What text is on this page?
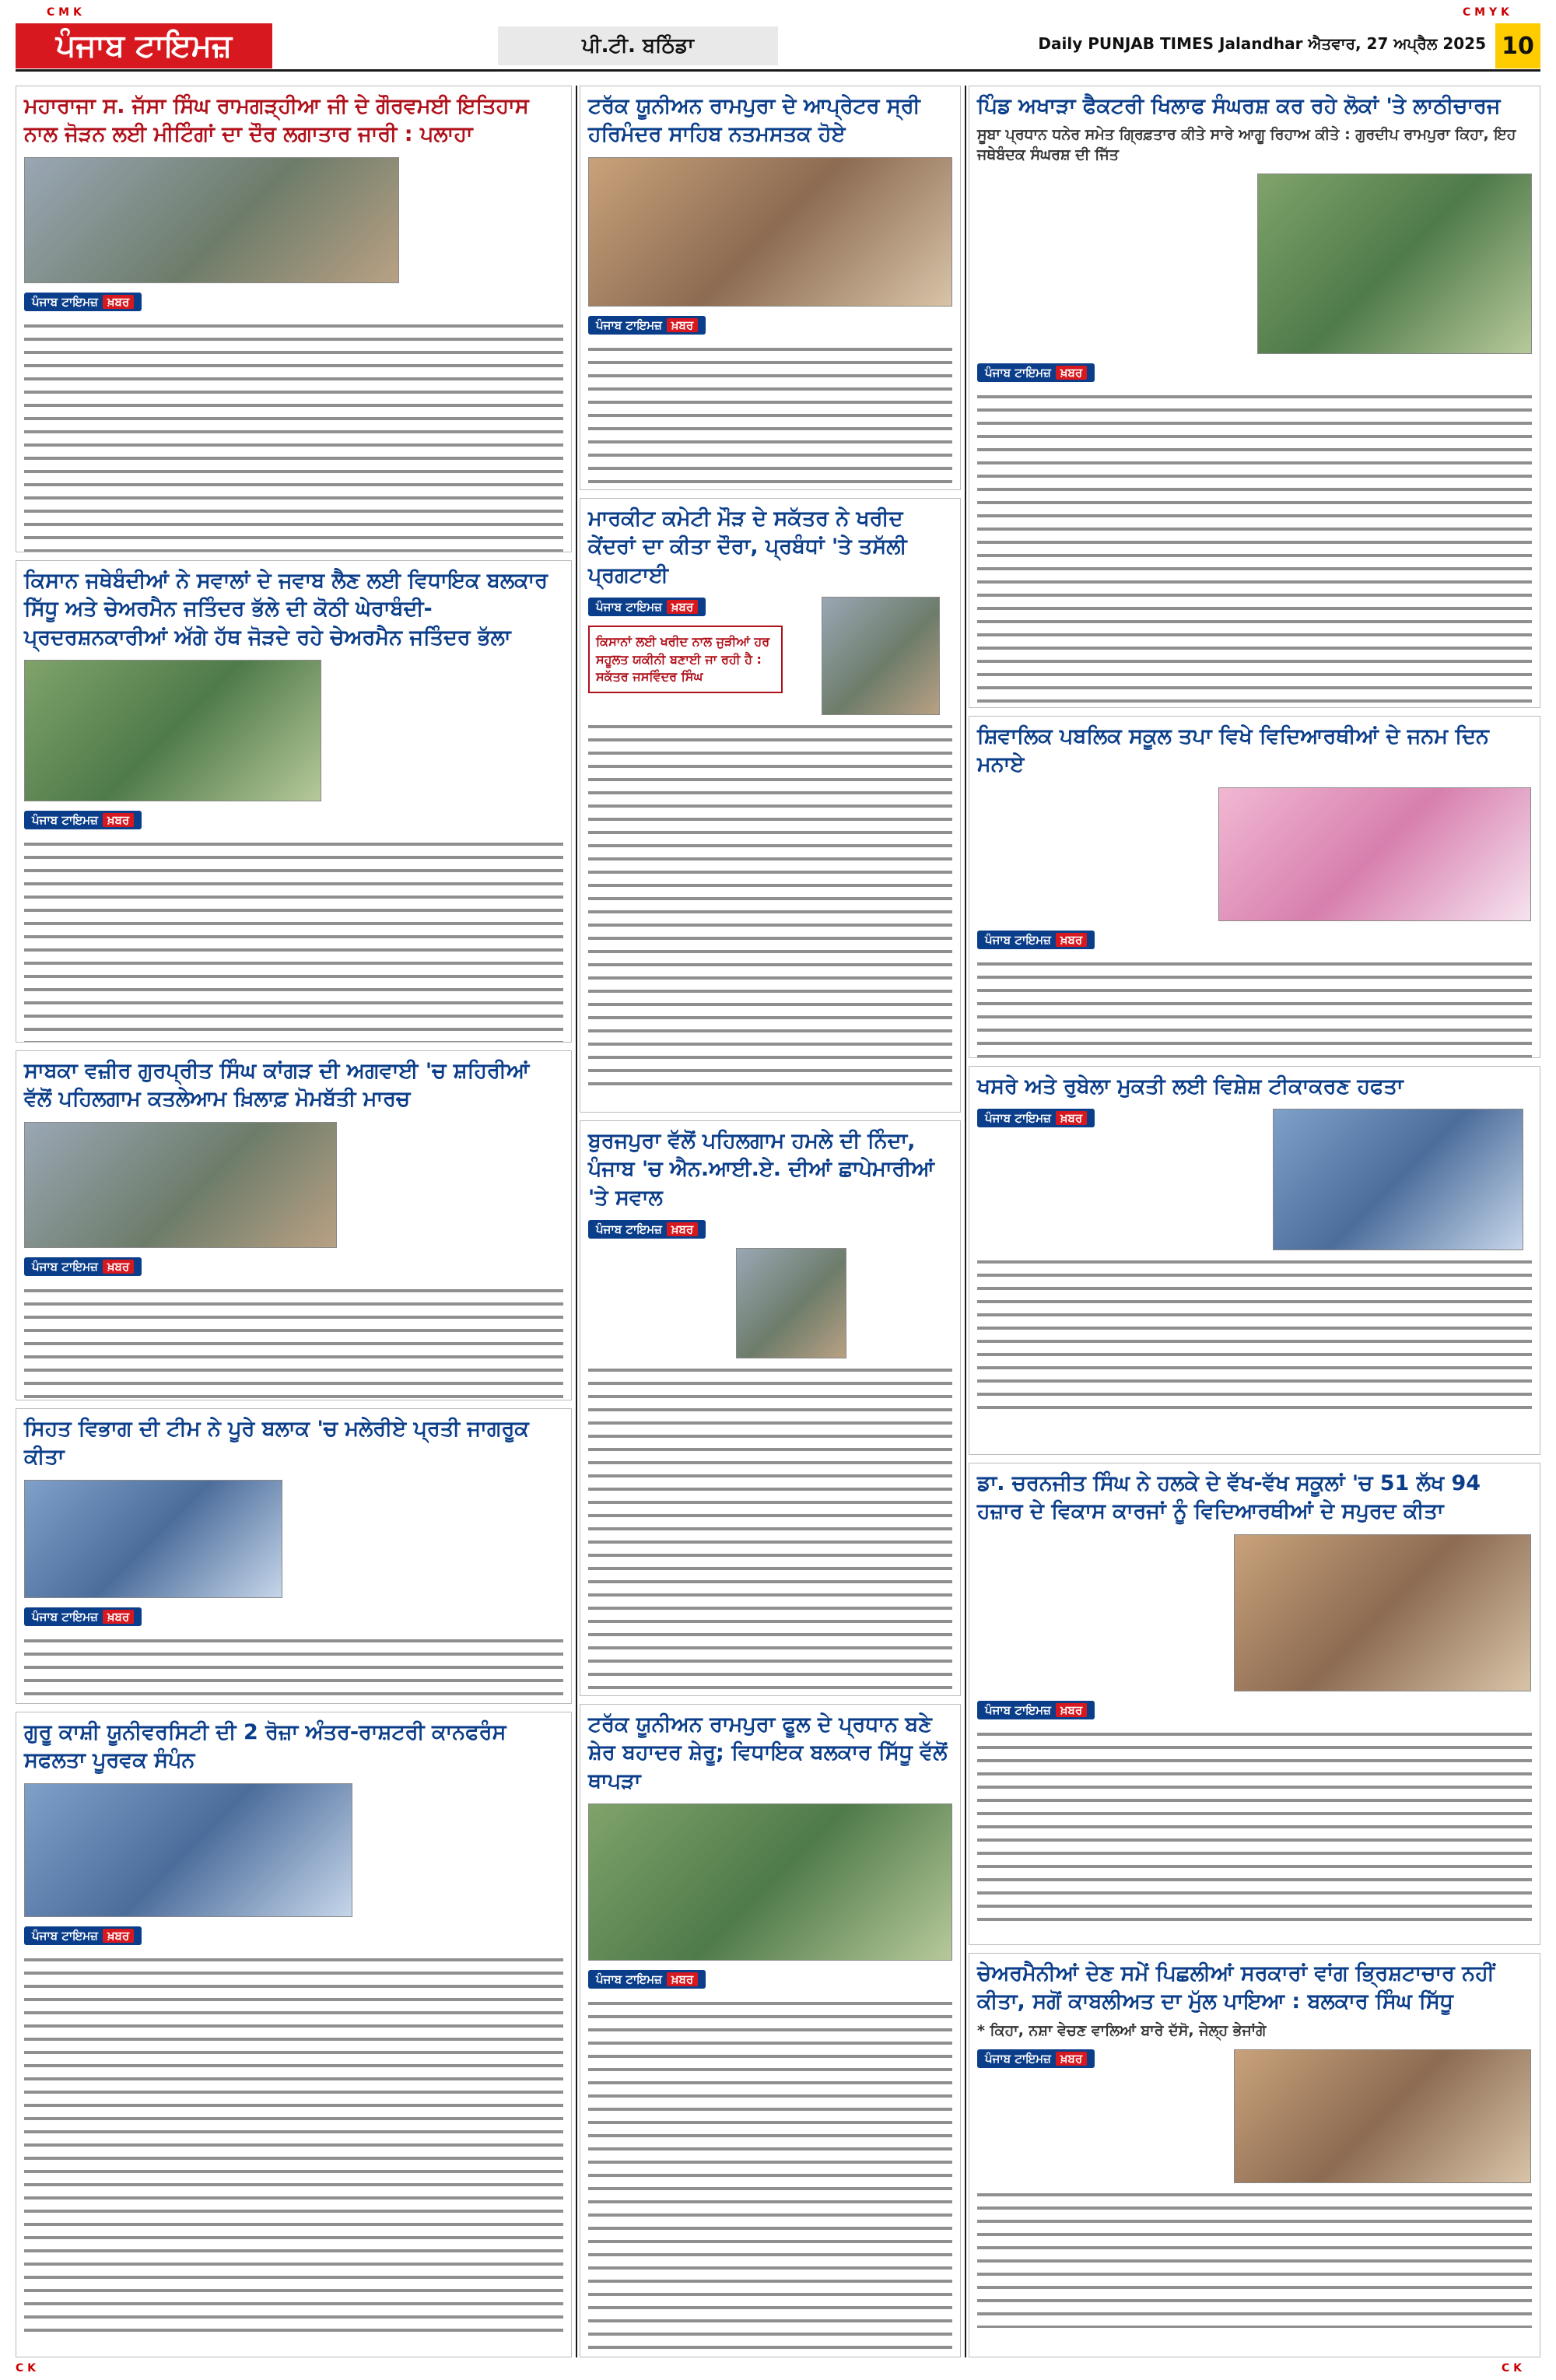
C M K	C M Y K
C K	C K
ਪੰਜਾਬ ਟਾਇਮਜ਼	ਪੀ.ਟੀ. ਬਠਿੰਡਾ	Daily PUNJAB TIMES Jalandhar ਐਤਵਾਰ, 27 ਅਪ੍ਰੈਲ 2025 10
ਮਹਾਰਾਜਾ ਸ. ਜੱਸਾ ਸਿੰਘ ਰਾਮਗੜ੍ਹੀਆ ਜੀ ਦੇ ਗੌਰਵਮਈ ਇਤਿਹਾਸ ਨਾਲ ਜੋੜਨ ਲਈ ਮੀਟਿੰਗਾਂ ਦਾ ਦੌਰ ਲਗਾਤਾਰ ਜਾਰੀ : ਪਲਾਹਾ
ਪੰਜਾਬ ਟਾਇਮਜ਼ ਖ਼ਬਰ
ਟਰੱਕ ਯੂਨੀਅਨ ਰਾਮਪੁਰਾ ਦੇ ਆਪ੍ਰੇਟਰ ਸ੍ਰੀ ਹਰਿਮੰਦਰ ਸਾਹਿਬ ਨਤਮਸਤਕ ਹੋਏ
ਪੰਜਾਬ ਟਾਇਮਜ਼ ਖ਼ਬਰ
ਪਿੰਡ ਅਖਾੜਾ ਫੈਕਟਰੀ ਖਿਲਾਫ ਸੰਘਰਸ਼ ਕਰ ਰਹੇ ਲੋਕਾਂ 'ਤੇ ਲਾਠੀਚਾਰਜ
ਸੂਬਾ ਪ੍ਰਧਾਨ ਧਨੇਰ ਸਮੇਤ ਗ੍ਰਿਫ਼ਤਾਰ ਕੀਤੇ ਸਾਰੇ ਆਗੂ ਰਿਹਾਅ ਕੀਤੇ : ਗੁਰਦੀਪ ਰਾਮਪੁਰਾ ਕਿਹਾ, ਇਹ ਜਥੇਬੰਦਕ ਸੰਘਰਸ਼ ਦੀ ਜਿੱਤ
ਪੰਜਾਬ ਟਾਇਮਜ਼ ਖ਼ਬਰ
ਕਿਸਾਨ ਜਥੇਬੰਦੀਆਂ ਨੇ ਸਵਾਲਾਂ ਦੇ ਜਵਾਬ ਲੈਣ ਲਈ ਵਿਧਾਇਕ ਬਲਕਾਰ ਸਿੱਧੂ ਅਤੇ ਚੇਅਰਮੈਨ ਜਤਿੰਦਰ ਭੱਲੇ ਦੀ ਕੋਠੀ ਘੇਰਾਬੰਦੀ-ਪ੍ਰਦਰਸ਼ਨਕਾਰੀਆਂ ਅੱਗੇ ਹੱਥ ਜੋੜਦੇ ਰਹੇ ਚੇਅਰਮੈਨ ਜਤਿੰਦਰ ਭੱਲਾ
ਪੰਜਾਬ ਟਾਇਮਜ਼ ਖ਼ਬਰ
ਮਾਰਕੀਟ ਕਮੇਟੀ ਮੌੜ ਦੇ ਸਕੱਤਰ ਨੇ ਖਰੀਦ ਕੇਂਦਰਾਂ ਦਾ ਕੀਤਾ ਦੌਰਾ, ਪ੍ਰਬੰਧਾਂ 'ਤੇ ਤਸੱਲੀ ਪ੍ਰਗਟਾਈ
ਪੰਜਾਬ ਟਾਇਮਜ਼ ਖ਼ਬਰ
ਕਿਸਾਨਾਂ ਲਈ ਖਰੀਦ ਨਾਲ ਜੁੜੀਆਂ ਹਰ ਸਹੂਲਤ ਯਕੀਨੀ ਬਣਾਈ ਜਾ ਰਹੀ ਹੈ : ਸਕੱਤਰ ਜਸਵਿੰਦਰ ਸਿੰਘ
ਸ਼ਿਵਾਲਿਕ ਪਬਲਿਕ ਸਕੂਲ ਤਪਾ ਵਿਖੇ ਵਿਦਿਆਰਥੀਆਂ ਦੇ ਜਨਮ ਦਿਨ ਮਨਾਏ
ਪੰਜਾਬ ਟਾਇਮਜ਼ ਖ਼ਬਰ
ਸਾਬਕਾ ਵਜ਼ੀਰ ਗੁਰਪ੍ਰੀਤ ਸਿੰਘ ਕਾਂਗੜ ਦੀ ਅਗਵਾਈ 'ਚ ਸ਼ਹਿਰੀਆਂ ਵੱਲੋਂ ਪਹਿਲਗਾਮ ਕਤਲੇਆਮ ਖ਼ਿਲਾਫ਼ ਮੋਮਬੱਤੀ ਮਾਰਚ
ਪੰਜਾਬ ਟਾਇਮਜ਼ ਖ਼ਬਰ
ਖਸਰੇ ਅਤੇ ਰੁਬੇਲਾ ਮੁਕਤੀ ਲਈ ਵਿਸ਼ੇਸ਼ ਟੀਕਾਕਰਣ ਹਫਤਾ
ਪੰਜਾਬ ਟਾਇਮਜ਼ ਖ਼ਬਰ
ਬੁਰਜਪੁਰਾ ਵੱਲੋਂ ਪਹਿਲਗਾਮ ਹਮਲੇ ਦੀ ਨਿੰਦਾ, ਪੰਜਾਬ 'ਚ ਐਨ.ਆਈ.ਏ. ਦੀਆਂ ਛਾਪੇਮਾਰੀਆਂ 'ਤੇ ਸਵਾਲ
ਪੰਜਾਬ ਟਾਇਮਜ਼ ਖ਼ਬਰ
ਸਿਹਤ ਵਿਭਾਗ ਦੀ ਟੀਮ ਨੇ ਪੂਰੇ ਬਲਾਕ 'ਚ ਮਲੇਰੀਏ ਪ੍ਰਤੀ ਜਾਗਰੂਕ ਕੀਤਾ
ਪੰਜਾਬ ਟਾਇਮਜ਼ ਖ਼ਬਰ
ਡਾ. ਚਰਨਜੀਤ ਸਿੰਘ ਨੇ ਹਲਕੇ ਦੇ ਵੱਖ-ਵੱਖ ਸਕੂਲਾਂ 'ਚ 51 ਲੱਖ 94 ਹਜ਼ਾਰ ਦੇ ਵਿਕਾਸ ਕਾਰਜਾਂ ਨੂੰ ਵਿਦਿਆਰਥੀਆਂ ਦੇ ਸਪੁਰਦ ਕੀਤਾ
ਪੰਜਾਬ ਟਾਇਮਜ਼ ਖ਼ਬਰ
ਗੁਰੂ ਕਾਸ਼ੀ ਯੂਨੀਵਰਸਿਟੀ ਦੀ 2 ਰੋਜ਼ਾ ਅੰਤਰ-ਰਾਸ਼ਟਰੀ ਕਾਨਫਰੰਸ ਸਫਲਤਾ ਪੂਰਵਕ ਸੰਪੰਨ
ਪੰਜਾਬ ਟਾਇਮਜ਼ ਖ਼ਬਰ
ਟਰੱਕ ਯੂਨੀਅਨ ਰਾਮਪੁਰਾ ਫੂਲ ਦੇ ਪ੍ਰਧਾਨ ਬਣੇ ਸ਼ੇਰ ਬਹਾਦਰ ਸ਼ੇਰੂ; ਵਿਧਾਇਕ ਬਲਕਾਰ ਸਿੱਧੂ ਵੱਲੋਂ ਥਾਪੜਾ
ਪੰਜਾਬ ਟਾਇਮਜ਼ ਖ਼ਬਰ	ਚੇਅਰਮੈਨੀਆਂ ਦੇਣ ਸਮੇਂ ਪਿਛਲੀਆਂ ਸਰਕਾਰਾਂ ਵਾਂਗ ਭ੍ਰਿਸ਼ਟਾਚਾਰ ਨਹੀਂ ਕੀਤਾ, ਸਗੋਂ ਕਾਬਲੀਅਤ ਦਾ ਮੁੱਲ ਪਾਇਆ : ਬਲਕਾਰ ਸਿੰਘ ਸਿੱਧੂ
* ਕਿਹਾ, ਨਸ਼ਾ ਵੇਚਣ ਵਾਲਿਆਂ ਬਾਰੇ ਦੱਸੋ, ਜੇਲ੍ਹ ਭੇਜਾਂਗੇ
ਪੰਜਾਬ ਟਾਇਮਜ਼ ਖ਼ਬਰ
